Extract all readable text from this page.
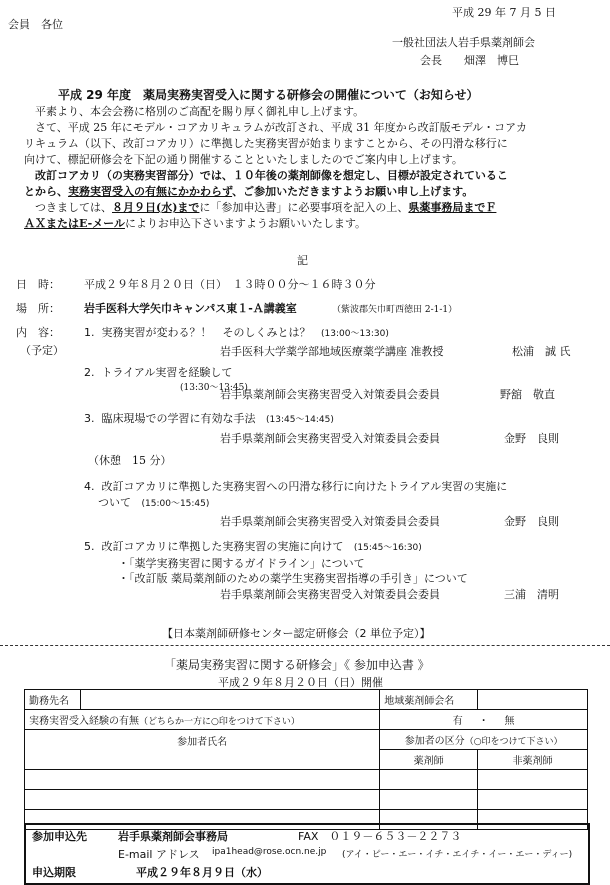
平成 29 年 7 月 5 日
会員　各位
一般社団法人岩手県薬剤師会
会長　　畑澤　博巳
平成 29 年度　薬局実務実習受入に関する研修会の開催について（お知らせ）

平素より、本会会務に格別のご高配を賜り厚く御礼申し上げます。

さて、平成 25 年にモデル・コアカリキュラムが改訂され、平成 31 年度から改訂版モデル・コアカ

リキュラム（以下、改訂コアカリ）に準拠した実務実習が始まりますことから、その円滑な移行に

向けて、標記研修会を下記の通り開催することといたしましたのでご案内申し上げます。

改訂コアカリ（の実務実習部分）では、１０年後の薬剤師像を想定し、目標が設定されているこ

とから、実務実習受入の有無にかかわらず、ご参加いただきますようお願い申し上げます。

つきましては、８月９日(水)までに「参加申込書」に必要事項を記入の上、県薬事務局までＦ

ＡＸまたはE-メールによりお申込下さいますようお願いいたします。

記
日　時： 平成２９年８月２０日（日）　１３時００分～１６時３０分
場　所： 岩手医科大学矢巾キャンパス東１-Ａ講義室	（紫波郡矢巾町西徳田 2-1-1）
内　容：
（予定）
1. 実務実習が変わる？！　そのしくみとは？ (13:00～13:30)
岩手医科大学薬学部地域医療薬学講座 准教授	松浦　誠 氏
2. トライアル実習を経験して
(13:30～13:45)
岩手県薬剤師会実務実習受入対策委員会委員	野舘　敬直
3. 臨床現場での学習に有効な手法 (13:45～14:45)
岩手県薬剤師会実務実習受入対策委員会委員	金野　良則
（休憩　15 分）
4. 改訂コアカリに準拠した実務実習への円滑な移行に向けたトライアル実習の実施に
ついて (15:00～15:45)
岩手県薬剤師会実務実習受入対策委員会委員	金野　良則
5. 改訂コアカリに準拠した実務実習の実施に向けて (15:45～16:30)
・「薬学実務実習に関するガイドライン」について
・「改訂版 薬局薬剤師のための薬学生実務実習指導の手引き」について
岩手県薬剤師会実務実習受入対策委員会委員	三浦　清明
【日本薬剤師研修センター認定研修会（2 単位予定）】
「薬局実務実習に関する研修会」《 参加申込書 》
平成２９年８月２０日（日）開催
勤務先名		地域薬剤師会名	
実務実習受入経験の有無（どちらか一方に○印をつけて下さい）		有 ・ 無	
参加者氏名		参加者の区分（○印をつけて下さい）	
		薬剤師	非薬剤師

参加申込先	岩手県薬剤師会事務局	FAX　０１９－６５３－２２７３
E-mail アドレス ipa1head@rose.ocn.ne.jp (アイ・ピー・エー・イチ・エイチ・イー・エー・ディー)
申込期限	平成２９年８月９日（水）
